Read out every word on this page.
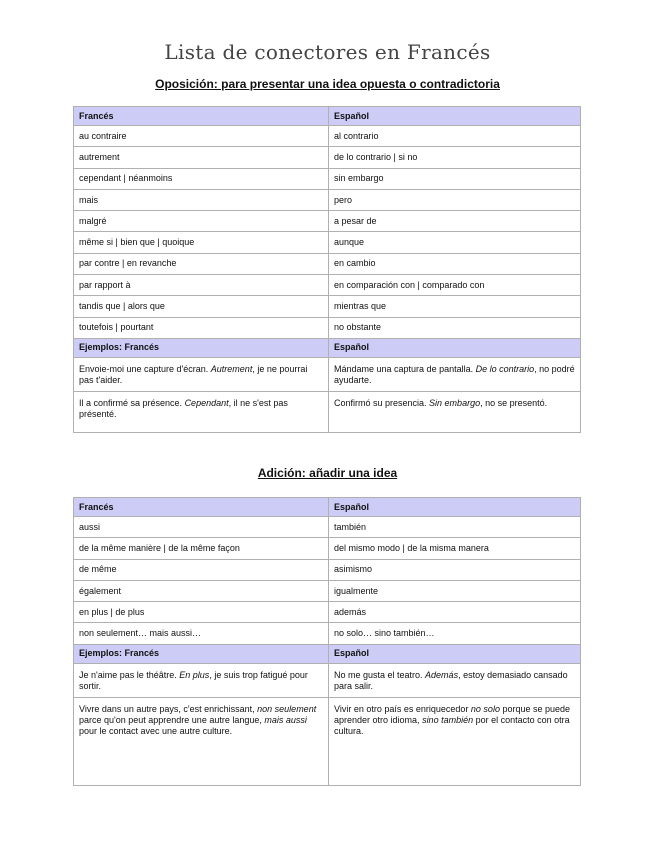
Lista de conectores en Francés
Oposición: para presentar una idea opuesta o contradictoria
Francés	Español
au contraire	al contrario
autrement	de lo contrario | si no
cependant | néanmoins	sin embargo
mais	pero
malgré	a pesar de
même si | bien que | quoique	aunque
par contre | en revanche	en cambio
par rapport à	en comparación con | comparado con
tandis que | alors que	mientras que
toutefois | pourtant	no obstante
Ejemplos: Francés	Español
Envoie-moi une capture d'écran. Autrement, je ne pourrai pas t'aider.	Mándame una captura de pantalla. De lo contrario, no podré ayudarte.
Il a confirmé sa présence. Cependant, il ne s'est pas présenté.	Confirmó su presencia. Sin embargo, no se presentó.
Adición: añadir una idea
Francés	Español
aussi	también
de la même manière | de la même façon	del mismo modo | de la misma manera
de même	asimismo
également	igualmente
en plus | de plus	además
non seulement… mais aussi…	no solo… sino también…
Ejemplos: Francés	Español
Je n'aime pas le théâtre. En plus, je suis trop fatigué pour sortir.	No me gusta el teatro. Además, estoy demasiado cansado para salir.
Vivre dans un autre pays, c'est enrichissant, non seulement parce qu'on peut apprendre une autre langue, mais aussi pour le contact avec une autre culture.	Vivir en otro país es enriquecedor no solo porque se puede aprender otro idioma, sino también por el contacto con otra cultura.
